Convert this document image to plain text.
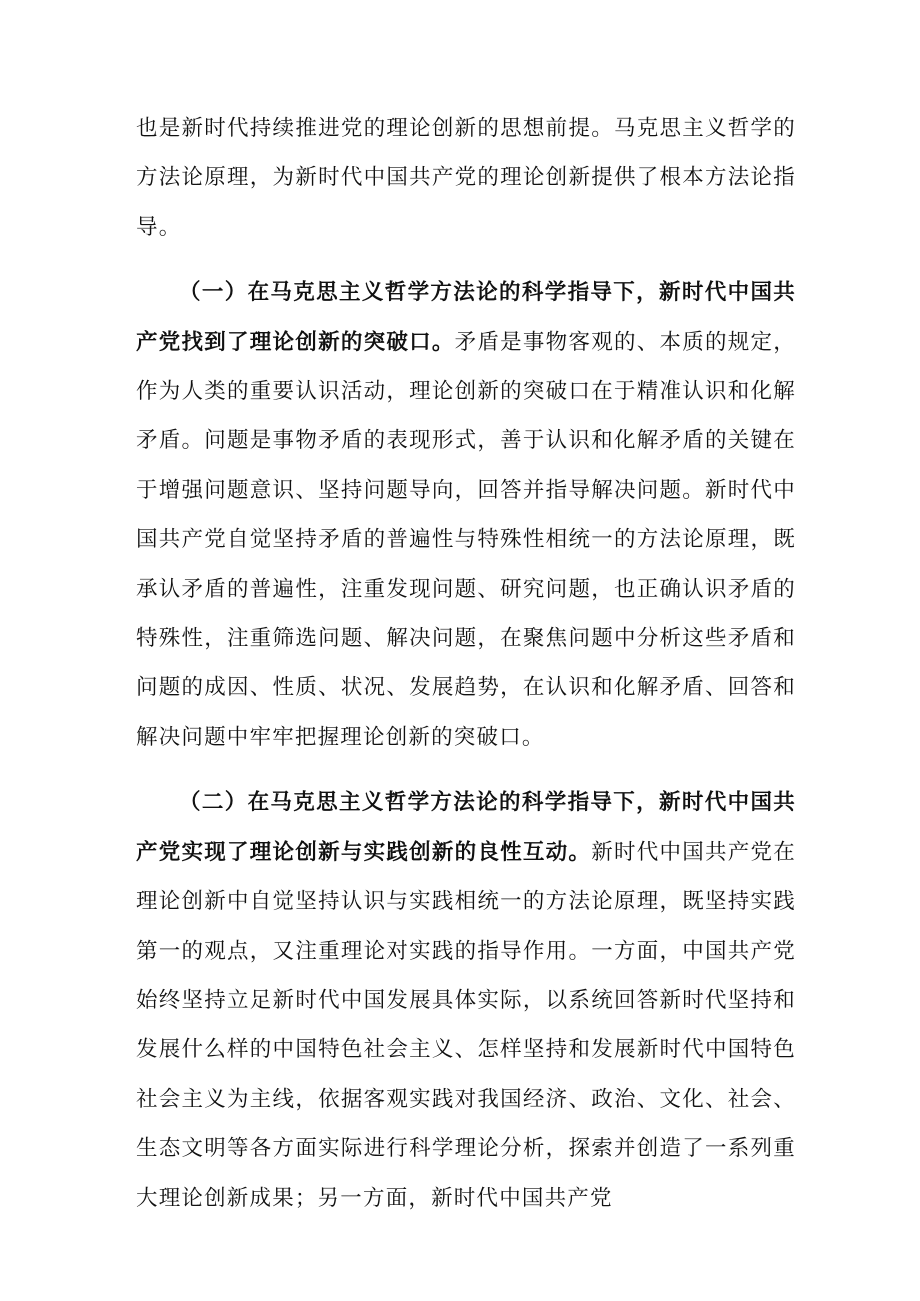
也是新时代持续推进党的理论创新的思想前提。马克思主义哲学的方法论原理，为新时代中国共产党的理论创新提供了根本方法论指导。

（一）在马克思主义哲学方法论的科学指导下，新时代中国共产党找到了理论创新的突破口。矛盾是事物客观的、本质的规定，作为人类的重要认识活动，理论创新的突破口在于精准认识和化解矛盾。问题是事物矛盾的表现形式，善于认识和化解矛盾的关键在于增强问题意识、坚持问题导向，回答并指导解决问题。新时代中国共产党自觉坚持矛盾的普遍性与特殊性相统一的方法论原理，既承认矛盾的普遍性，注重发现问题、研究问题，也正确认识矛盾的特殊性，注重筛选问题、解决问题，在聚焦问题中分析这些矛盾和问题的成因、性质、状况、发展趋势，在认识和化解矛盾、回答和解决问题中牢牢把握理论创新的突破口。

（二）在马克思主义哲学方法论的科学指导下，新时代中国共产党实现了理论创新与实践创新的良性互动。新时代中国共产党在理论创新中自觉坚持认识与实践相统一的方法论原理，既坚持实践第一的观点，又注重理论对实践的指导作用。一方面，中国共产党始终坚持立足新时代中国发展具体实际，以系统回答新时代坚持和发展什么样的中国特色社会主义、怎样坚持和发展新时代中国特色社会主义为主线，依据客观实践对我国经济、政治、文化、社会、生态文明等各方面实际进行科学理论分析，探索并创造了一系列重大理论创新成果；另一方面，新时代中国共产党
